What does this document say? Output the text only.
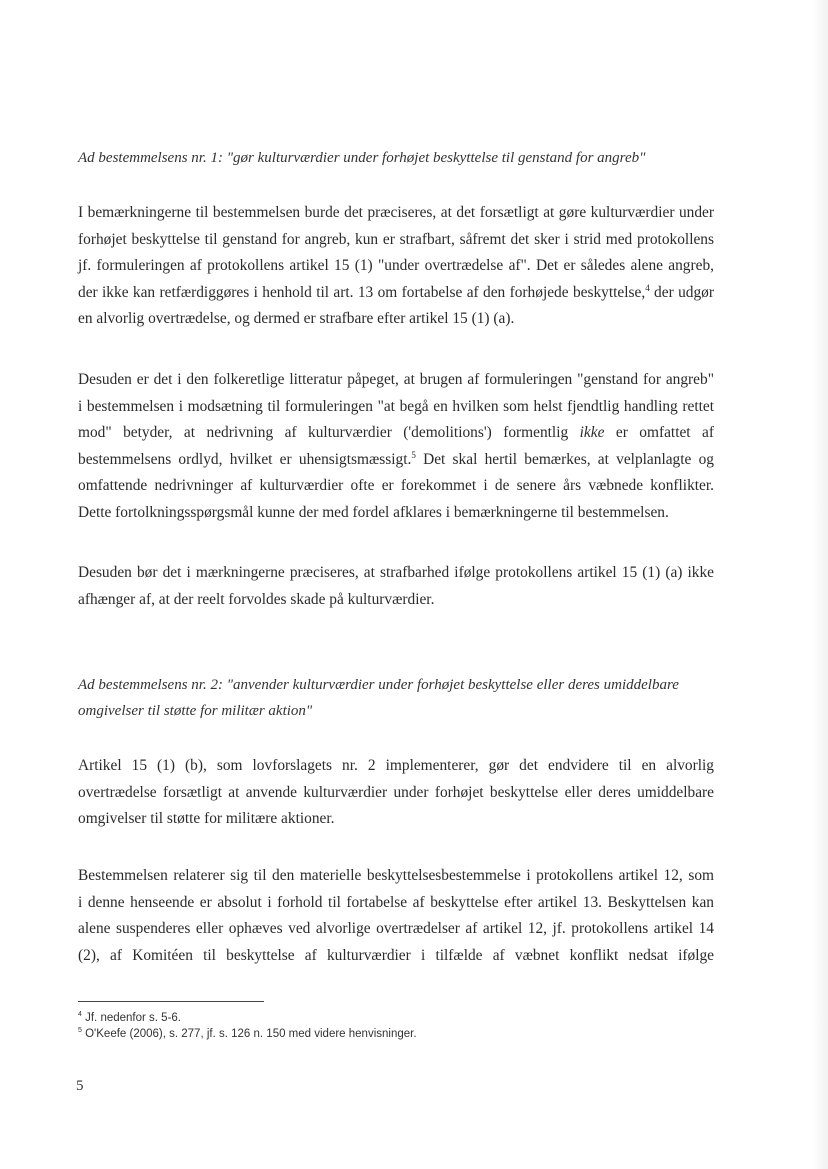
Ad bestemmelsens nr. 1: "gør kulturværdier under forhøjet beskyttelse til genstand for angreb"
I bemærkningerne til bestemmelsen burde det præciseres, at det forsætligt at gøre kulturværdier under
forhøjet beskyttelse til genstand for angreb, kun er strafbart, såfremt det sker i strid med protokollens
jf. formuleringen af protokollens artikel 15 (1) "under overtrædelse af". Det er således alene angreb,
der ikke kan retfærdiggøres i henhold til art. 13 om fortabelse af den forhøjede beskyttelse,$^4$ der udgør
en alvorlig overtrædelse, og dermed er strafbare efter artikel 15 (1) (a).
Desuden er det i den folkeretlige litteratur påpeget, at brugen af formuleringen "genstand for angreb"
i bestemmelsen i modsætning til formuleringen "at begå en hvilken som helst fjendtlig handling rettet
mod" betyder, at nedrivning af kulturværdier ('demolitions') formentlig ikke er omfattet af
bestemmelsens ordlyd, hvilket er uhensigtsmæssigt.$^5$ Det skal hertil bemærkes, at velplanlagte og
omfattende nedrivninger af kulturværdier ofte er forekommet i de senere års væbnede konflikter.
Dette fortolkningsspørgsmål kunne der med fordel afklares i bemærkningerne til bestemmelsen.
Desuden bør det i mærkningerne præciseres, at strafbarhed ifølge protokollens artikel 15 (1) (a) ikke
afhænger af, at der reelt forvoldes skade på kulturværdier.
Ad bestemmelsens nr. 2: "anvender kulturværdier under forhøjet beskyttelse eller deres umiddelbare
omgivelser til støtte for militær aktion"
Artikel 15 (1) (b), som lovforslagets nr. 2 implementerer, gør det endvidere til en alvorlig
overtrædelse forsætligt at anvende kulturværdier under forhøjet beskyttelse eller deres umiddelbare
omgivelser til støtte for militære aktioner.
Bestemmelsen relaterer sig til den materielle beskyttelsesbestemmelse i protokollens artikel 12, som
i denne henseende er absolut i forhold til fortabelse af beskyttelse efter artikel 13. Beskyttelsen kan
alene suspenderes eller ophæves ved alvorlige overtrædelser af artikel 12, jf. protokollens artikel 14
(2), af Komitéen til beskyttelse af kulturværdier i tilfælde af væbnet konflikt nedsat ifølge
$^4$ Jf. nedenfor s. 5-6.
$^5$ O'Keefe (2006), s. 277, jf. s. 126 n. 150 med videre henvisninger.
5
